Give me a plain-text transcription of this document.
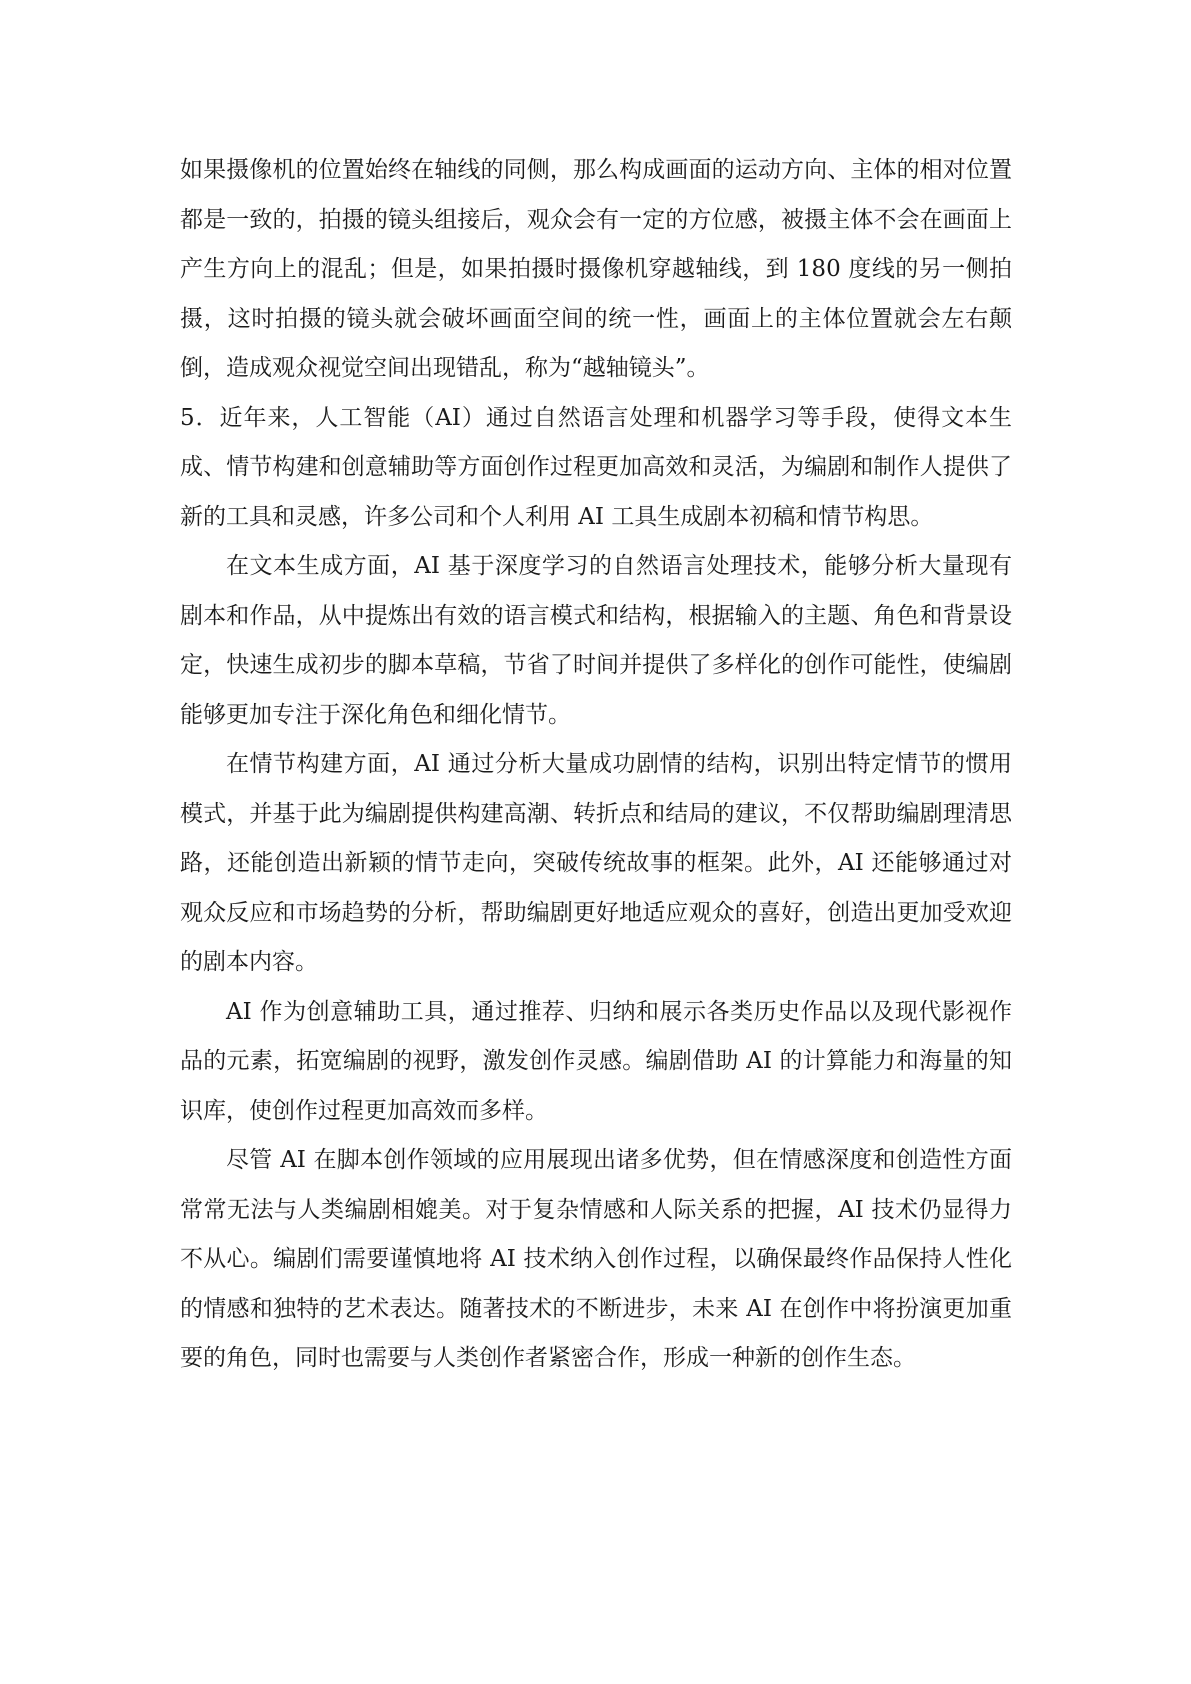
如果摄像机的位置始终在轴线的同侧，那么构成画面的运动方向、主体的相对位置都是一致的，拍摄的镜头组接后，观众会有一定的方位感，被摄主体不会在画面上产生方向上的混乱；但是，如果拍摄时摄像机穿越轴线，到 180 度线的另一侧拍摄，这时拍摄的镜头就会破坏画面空间的统一性，画面上的主体位置就会左右颠倒，造成观众视觉空间出现错乱，称为“越轴镜头”。

5．近年来，人工智能（AI）通过自然语言处理和机器学习等手段，使得文本生成、情节构建和创意辅助等方面创作过程更加高效和灵活，为编剧和制作人提供了新的工具和灵感，许多公司和个人利用 AI 工具生成剧本初稿和情节构思。

在文本生成方面，AI 基于深度学习的自然语言处理技术，能够分析大量现有剧本和作品，从中提炼出有效的语言模式和结构，根据输入的主题、角色和背景设定，快速生成初步的脚本草稿，节省了时间并提供了多样化的创作可能性，使编剧能够更加专注于深化角色和细化情节。

在情节构建方面，AI 通过分析大量成功剧情的结构，识别出特定情节的惯用模式，并基于此为编剧提供构建高潮、转折点和结局的建议，不仅帮助编剧理清思路，还能创造出新颖的情节走向，突破传统故事的框架。此外，AI 还能够通过对观众反应和市场趋势的分析，帮助编剧更好地适应观众的喜好，创造出更加受欢迎的剧本内容。

AI 作为创意辅助工具，通过推荐、归纳和展示各类历史作品以及现代影视作品的元素，拓宽编剧的视野，激发创作灵感。编剧借助 AI 的计算能力和海量的知识库，使创作过程更加高效而多样。

尽管 AI 在脚本创作领域的应用展现出诸多优势，但在情感深度和创造性方面常常无法与人类编剧相媲美。对于复杂情感和人际关系的把握，AI 技术仍显得力不从心。编剧们需要谨慎地将 AI 技术纳入创作过程，以确保最终作品保持人性化的情感和独特的艺术表达。随著技术的不断进步，未来 AI 在创作中将扮演更加重要的角色，同时也需要与人类创作者紧密合作，形成一种新的创作生态。
